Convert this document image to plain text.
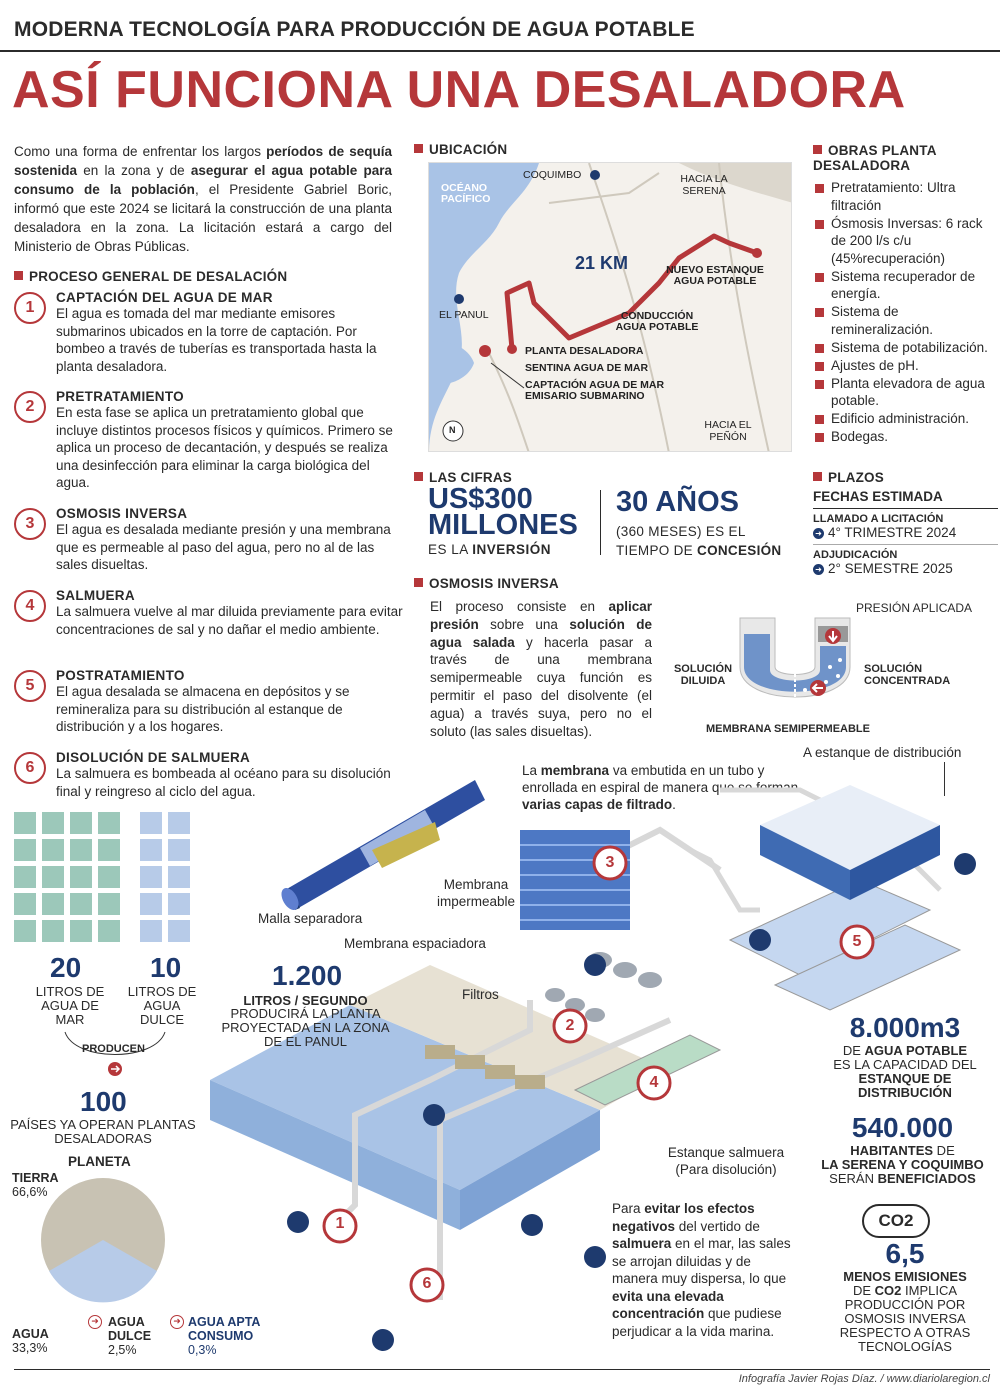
MODERNA TECNOLOGÍA PARA PRODUCCIÓN DE AGUA POTABLE
ASÍ FUNCIONA UNA DESALADORA
Como una forma de enfrentar los largos períodos de sequía sostenida en la zona y de asegurar el agua potable para consumo de la población, el Presidente Gabriel Boric, informó que este 2024 se licitará la construcción de una planta desaladora en la zona. La licitación estará a cargo del Ministerio de Obras Públicas.
PROCESO GENERAL DE DESALACIÓN
1
CAPTACIÓN DEL AGUA DE MAR
El agua es tomada del mar mediante emisores submarinos ubicados en la torre de captación. Por bombeo a través de tuberías es transportada hasta la planta desaladora.
2
PRETRATAMIENTO
En esta fase se aplica un pretratamiento global que incluye distintos procesos físicos y químicos. Primero se aplica un proceso de decantación, y después se realiza una desinfección para eliminar la carga biológica del agua.
3
OSMOSIS INVERSA
El agua es desalada mediante presión y una membrana que es permeable al paso del agua, pero no al de las sales disueltas.
4
SALMUERA
La salmuera vuelve al mar diluida previamente para evitar concentraciones de sal y no dañar el medio ambiente.
5
POSTRATAMIENTO
El agua desalada se almacena en depósitos y se remineraliza para su distribución al estanque de distribución y a los hogares.
6
DISOLUCIÓN DE SALMUERA
La salmuera es bombeada al océano para su disolución final y reingreso al ciclo del agua.
UBICACIÓN
OCÉANO PACÍFICO
COQUIMBO	HACIA LA SERENA
21 KM	NUEVO ESTANQUE AGUA POTABLE
EL PANUL	CONDUCCIÓN AGUA POTABLE
PLANTA DESALADORA
SENTINA AGUA DE MAR
CAPTACIÓN AGUA DE MAR EMISARIO SUBMARINO
HACIA EL PEÑÓN
N
OBRAS PLANTA DESALADORA
Pretratamiento: Ultra filtración
Ósmosis Inversas: 6 rack de 200 l/s c/u (45%recuperación)
Sistema recuperador de energía.
Sistema de remineralización.
Sistema de potabilización.
Ajustes de pH.
Planta elevadora de agua potable.
Edificio administración.
Bodegas.
LAS CIFRAS
US$300 MILLONES
ES LA INVERSIÓN
30 AÑOS
(360 MESES) ES EL
TIEMPO DE CONCESIÓN
PLAZOS
FECHAS ESTIMADA
LLAMADO A LICITACIÓN
➜ 4° TRIMESTRE 2024
ADJUDICACIÓN
➜ 2° SEMESTRE 2025
OSMOSIS INVERSA
El proceso consiste en aplicar presión sobre una solución de agua salada y hacerla pasar a través de una membrana semipermeable cuya función es permitir el paso del disolvente (el agua) a través suya, pero no el soluto (las sales disueltas).
PRESIÓN APLICADA
SOLUCIÓN DILUIDA
SOLUCIÓN CONCENTRADA
MEMBRANA SEMIPERMEABLE
A estanque de distribución
La membrana va embutida en un tubo y enrollada en espiral de manera que se forman varias capas de filtrado.
1
6
3
2
4
5
Malla separadora
Membrana impermeable
Membrana espaciadora
Filtros
Estanque salmuera (Para disolución)
20
LITROS DE AGUA DE MAR
10
LITROS DE AGUA DULCE
PRODUCEN
1.200
LITROS / SEGUNDO
PRODUCIRÁ LA PLANTA PROYECTADA EN LA ZONA DE EL PANUL
100
PAÍSES YA OPERAN PLANTAS DESALADORAS
PLANETA
TIERRA
66,6%
AGUA
33,3%
➜ AGUA DULCE
2,5%
➜ AGUA APTA CONSUMO
0,3%
Para evitar los efectos negativos del vertido de salmuera en el mar, las sales se arrojan diluidas y de manera muy dispersa, lo que evita una elevada concentración que pudiese perjudicar a la vida marina.
8.000m3
DE AGUA POTABLE
ES LA CAPACIDAD DEL ESTANQUE DE DISTRIBUCIÓN
540.000
HABITANTES DE
LA SERENA Y COQUIMBO
SERÁN BENEFICIADOS
CO2
6,5
MENOS EMISIONES
DE CO2 IMPLICA PRODUCCIÓN POR OSMOSIS INVERSA RESPECTO A OTRAS TECNOLOGÍAS
Infografía Javier Rojas Díaz. / www.diariolaregion.cl
